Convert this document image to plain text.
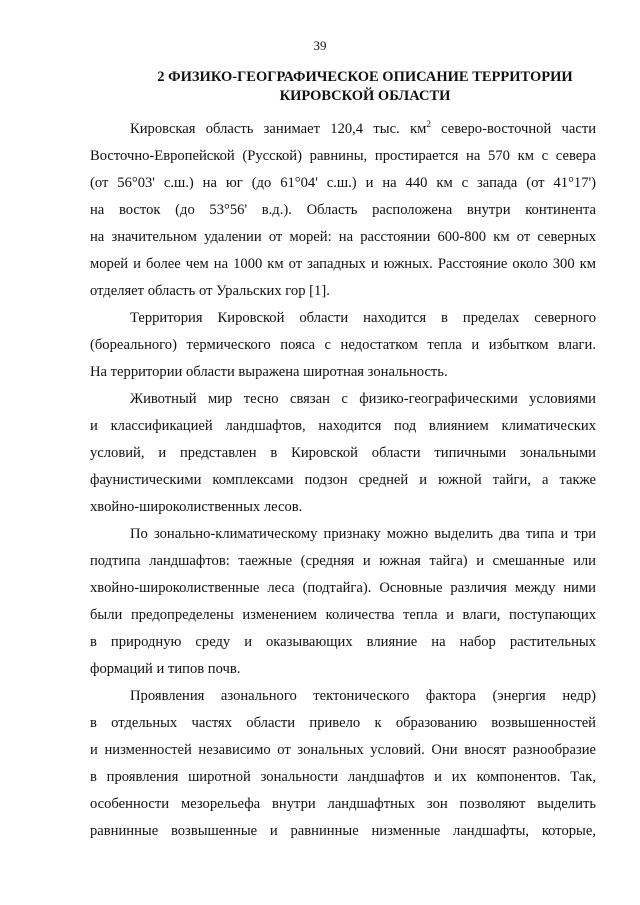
39
2 ФИЗИКО-ГЕОГРАФИЧЕСКОЕ ОПИСАНИЕ ТЕРРИТОРИИ
КИРОВСКОЙ ОБЛАСТИ

Кировская область занимает 120,4 тыс. $км^2$ северо-восточной части
Восточно-Европейской (Русской) равнины, простирается на 570 км с севера
(от 56°03' с.ш.) на юг (до 61°04' с.ш.) и на 440 км с запада (от 41°17')
на восток (до 53°56' в.д.). Область расположена внутри континента
на значительном удалении от морей: на расстоянии 600-800 км от северных
морей и более чем на 1000 км от западных и южных. Расстояние около 300 км
отделяет область от Уральских гор [1].

Территория Кировской области находится в пределах северного
(бореального) термического пояса с недостатком тепла и избытком влаги.
На территории области выражена широтная зональность.

Животный мир тесно связан с физико-географическими условиями
и классификацией ландшафтов, находится под влиянием климатических
условий, и представлен в Кировской области типичными зональными
фаунистическими комплексами подзон средней и южной тайги, а также
хвойно-широколиственных лесов.

По зонально-климатическому признаку можно выделить два типа и три
подтипа ландшафтов: таежные (средняя и южная тайга) и смешанные или
хвойно-широколиственные леса (подтайга). Основные различия между ними
были предопределены изменением количества тепла и влаги, поступающих
в природную среду и оказывающих влияние на набор растительных
формаций и типов почв.

Проявления азонального тектонического фактора (энергия недр)
в отдельных частях области привело к образованию возвышенностей
и низменностей независимо от зональных условий. Они вносят разнообразие
в проявления широтной зональности ландшафтов и их компонентов. Так,
особенности мезорельефа внутри ландшафтных зон позволяют выделить
равнинные возвышенные и равнинные низменные ландшафты, которые,
